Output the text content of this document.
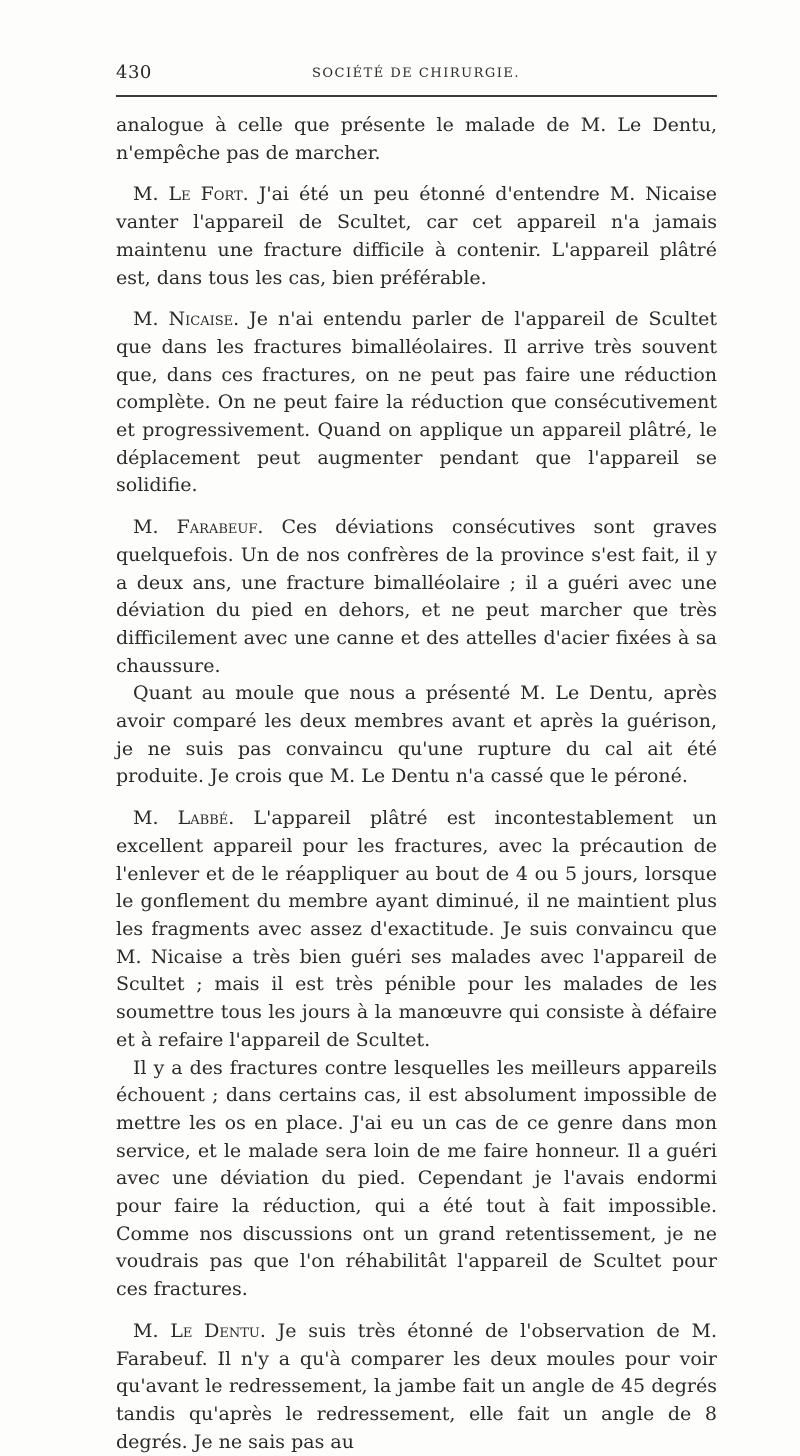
430	SOCIÉTÉ DE CHIRURGIE.

analogue à celle que présente le malade de M. Le Dentu, n'empêche pas de marcher.

M. Le Fort. J'ai été un peu étonné d'entendre M. Nicaise vanter l'appareil de Scultet, car cet appareil n'a jamais maintenu une fracture difficile à contenir. L'appareil plâtré est, dans tous les cas, bien préférable.

M. Nicaise. Je n'ai entendu parler de l'appareil de Scultet que dans les fractures bimalléolaires. Il arrive très souvent que, dans ces fractures, on ne peut pas faire une réduction complète. On ne peut faire la réduction que consécutivement et progressivement. Quand on applique un appareil plâtré, le déplacement peut augmenter pendant que l'appareil se solidifie.

M. Farabeuf. Ces déviations consécutives sont graves quelquefois. Un de nos confrères de la province s'est fait, il y a deux ans, une fracture bimalléolaire ; il a guéri avec une déviation du pied en dehors, et ne peut marcher que très difficilement avec une canne et des attelles d'acier fixées à sa chaussure.

Quant au moule que nous a présenté M. Le Dentu, après avoir comparé les deux membres avant et après la guérison, je ne suis pas convaincu qu'une rupture du cal ait été produite. Je crois que M. Le Dentu n'a cassé que le péroné.

M. Labbé. L'appareil plâtré est incontestablement un excellent appareil pour les fractures, avec la précaution de l'enlever et de le réappliquer au bout de 4 ou 5 jours, lorsque le gonflement du membre ayant diminué, il ne maintient plus les fragments avec assez d'exactitude. Je suis convaincu que M. Nicaise a très bien guéri ses malades avec l'appareil de Scultet ; mais il est très pénible pour les malades de les soumettre tous les jours à la manœuvre qui consiste à défaire et à refaire l'appareil de Scultet.

Il y a des fractures contre lesquelles les meilleurs appareils échouent ; dans certains cas, il est absolument impossible de mettre les os en place. J'ai eu un cas de ce genre dans mon service, et le malade sera loin de me faire honneur. Il a guéri avec une déviation du pied. Cependant je l'avais endormi pour faire la réduction, qui a été tout à fait impossible. Comme nos discussions ont un grand retentissement, je ne voudrais pas que l'on réhabilitât l'appareil de Scultet pour ces fractures.

M. Le Dentu. Je suis très étonné de l'observation de M. Farabeuf. Il n'y a qu'à comparer les deux moules pour voir qu'avant le redressement, la jambe fait un angle de 45 degrés tandis qu'après le redressement, elle fait un angle de 8 degrés. Je ne sais pas au
